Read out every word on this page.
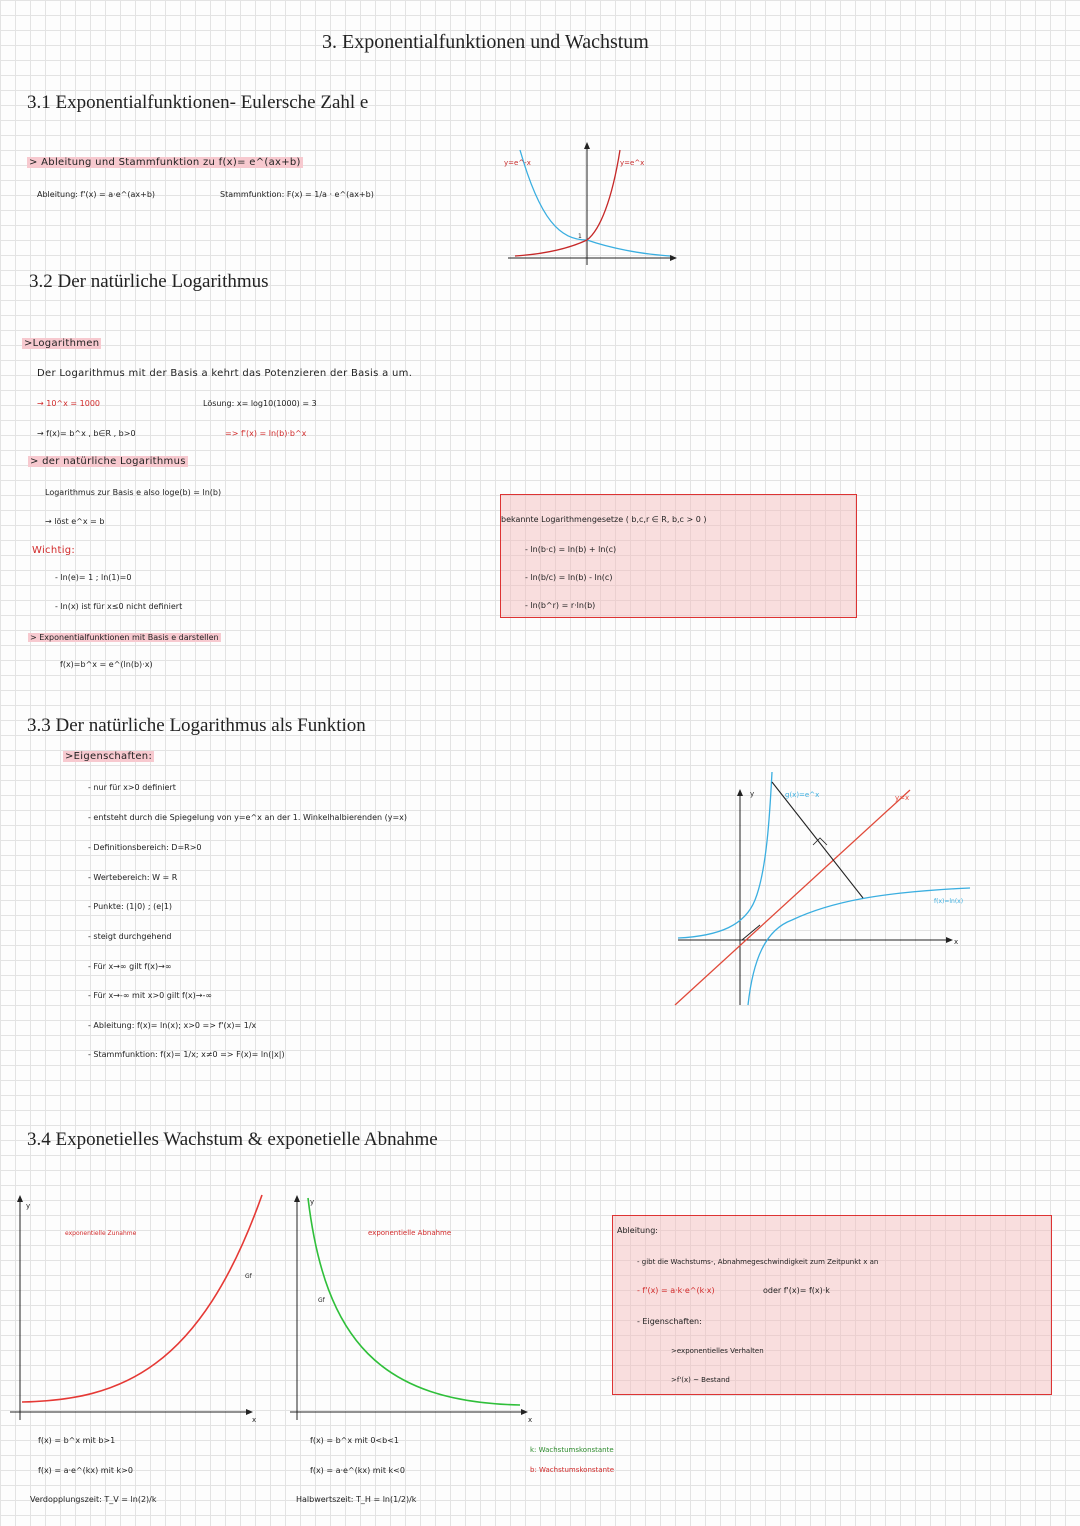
3. Exponentialfunktionen und Wachstum
3.1 Exponentialfunktionen- Eulersche Zahl e
> Ableitung und Stammfunktion zu f(x)= e^(ax+b)
Ableitung: f'(x) = a·e^(ax+b)	Stammfunktion: F(x) = 1/a · e^(ax+b)
y=e^-x	y=e^x
1
3.2 Der natürliche Logarithmus
>Logarithmen
Der Logarithmus mit der Basis a kehrt das Potenzieren der Basis a um.
→ 10^x = 1000	Lösung: x= log10(1000) = 3
→ f(x)= b^x , b∈R , b>0	=> f'(x) = ln(b)·b^x
> der natürliche Logarithmus
Logarithmus zur Basis e also loge(b) = ln(b)
→ löst e^x = b
Wichtig:
- ln(e)= 1 ; ln(1)=0
- ln(x) ist für x≤0 nicht definiert
> Exponentialfunktionen mit Basis e darstellen
f(x)=b^x = e^(ln(b)·x)
bekannte Logarithmengesetze ( b,c,r ∈ R, b,c > 0 )
- ln(b·c) = ln(b) + ln(c)
- ln(b/c) = ln(b) - ln(c)
- ln(b^r) = r·ln(b)
3.3 Der natürliche Logarithmus als Funktion
>Eigenschaften:
- nur für x>0 definiert
- entsteht durch die Spiegelung von y=e^x an der 1. Winkelhalbierenden (y=x)
- Definitionsbereich: D=R>0
- Wertebereich: W = R
- Punkte: (1|0) ; (e|1)
- steigt durchgehend
- Für x→∞ gilt f(x)→∞
- Für x→-∞ mit x>0 gilt f(x)→-∞
- Ableitung: f(x)= ln(x); x>0 => f'(x)= 1/x
- Stammfunktion: f(x)= 1/x; x≠0 => F(x)= ln(|x|)
y
x
g(x)=e^x	y=x
f(x)=ln(x)
3.4 Exponetielles Wachstum & exponetielle Abnahme
y
x
exponentielle Zunahme
Gf
y
x
exponentielle Abnahme
Gf
f(x) = b^x mit b>1
f(x) = a·e^(kx) mit k>0
Verdopplungszeit: T_V = ln(2)/k
f(x) = b^x mit 0<b<1
f(x) = a·e^(kx) mit k<0
Halbwertszeit: T_H = ln(1/2)/k
k: Wachstumskonstante
b: Wachstumskonstante
Ableitung:
- gibt die Wachstums-, Abnahmegeschwindigkeit zum Zeitpunkt x an
- f'(x) = a·k·e^(k·x)	oder f'(x)= f(x)·k
- Eigenschaften:
>exponentielles Verhalten
>f'(x) ~ Bestand
